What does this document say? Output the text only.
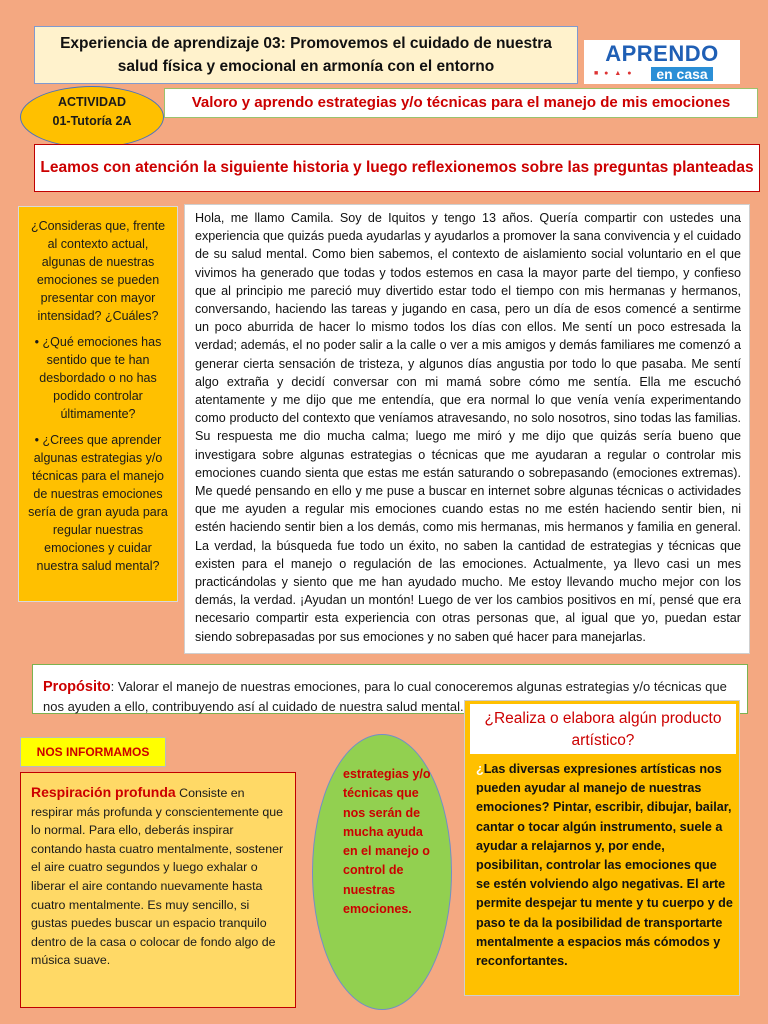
Experiencia de aprendizaje 03: Promovemos el cuidado de nuestra
salud física y emocional en armonía con el entorno
APRENDO
■ ● ▲ ● en casa
ACTIVIDAD
01-Tutoría 2A
Valoro y aprendo estrategias y/o técnicas para el manejo de mis emociones
Leamos con atención la siguiente historia y luego reflexionemos sobre las preguntas planteadas

¿Consideras que, frente al contexto actual, algunas de nuestras emociones se pueden presentar con mayor intensidad? ¿Cuáles?

• ¿Qué emociones has sentido que te han desbordado o no has podido controlar últimamente?

• ¿Crees que aprender algunas estrategias y/o técnicas para el manejo de nuestras emociones sería de gran ayuda para regular nuestras emociones y cuidar nuestra salud mental?

Hola, me llamo Camila. Soy de Iquitos y tengo 13 años. Quería compartir con ustedes una experiencia que quizás pueda ayudarlas y ayudarlos a promover la sana convivencia y el cuidado de su salud mental. Como bien sabemos, el contexto de aislamiento social voluntario en el que vivimos ha generado que todas y todos estemos en casa la mayor parte del tiempo, y confieso que al principio me pareció muy divertido estar todo el tiempo con mis hermanas y hermanos, conversando, haciendo las tareas y jugando en casa, pero un día de esos comencé a sentirme un poco aburrida de hacer lo mismo todos los días con ellos. Me sentí un poco estresada la verdad; además, el no poder salir a la calle o ver a mis amigos y demás familiares me comenzó a generar cierta sensación de tristeza, y algunos días angustia por todo lo que pasaba. Me sentí algo extraña y decidí conversar con mi mamá sobre cómo me sentía. Ella me escuchó atentamente y me dijo que me entendía, que era normal lo que venía venía experimentando como producto del contexto que veníamos atravesando, no solo nosotros, sino todas las familias. Su respuesta me dio mucha calma; luego me miró y me dijo que quizás sería bueno que investigara sobre algunas estrategias o técnicas que me ayudaran a regular o controlar mis emociones cuando sienta que estas me están saturando o sobrepasando (emociones extremas). Me quedé pensando en ello y me puse a buscar en internet sobre algunas técnicas o actividades que me ayuden a regular mis emociones cuando estas no me estén haciendo sentir bien, ni estén haciendo sentir bien a los demás, como mis hermanas, mis hermanos y familia en general. La verdad, la búsqueda fue todo un éxito, no saben la cantidad de estrategias y técnicas que existen para el manejo o regulación de las emociones. Actualmente, ya llevo casi un mes practicándolas y siento que me han ayudado mucho. Me estoy llevando mucho mejor con los demás, la verdad. ¡Ayudan un montón! Luego de ver los cambios positivos en mí, pensé que era necesario compartir esta experiencia con otras personas que, al igual que yo, puedan estar siendo sobrepasadas por sus emociones y no saben qué hacer para manejarlas.
Propósito: Valorar el manejo de nuestras emociones, para lo cual conoceremos algunas estrategias y/o técnicas que nos ayuden a ello, contribuyendo así al cuidado de nuestra salud mental.
NOS INFORMAMOS
Respiración profunda Consiste en respirar más profunda y conscientemente que lo normal. Para ello, deberás inspirar contando hasta cuatro mentalmente, sostener el aire cuatro segundos y luego exhalar o liberar el aire contando nuevamente hasta cuatro mentalmente. Es muy sencillo, si gustas puedes buscar un espacio tranquilo dentro de la casa o colocar de fondo algo de música suave.
estrategias y/o técnicas que nos serán de mucha ayuda en el manejo o control de nuestras emociones.
¿Realiza o elabora algún producto artístico?
¿Las diversas expresiones artísticas nos pueden ayudar al manejo de nuestras emociones? Pintar, escribir, dibujar, bailar, cantar o tocar algún instrumento, suele a ayudar a relajarnos y, por ende, posibilitan, controlar las emociones que se estén volviendo algo negativas. El arte permite despejar tu mente y tu cuerpo y de paso te da la posibilidad de transportarte mentalmente a espacios más cómodos y reconfortantes.
